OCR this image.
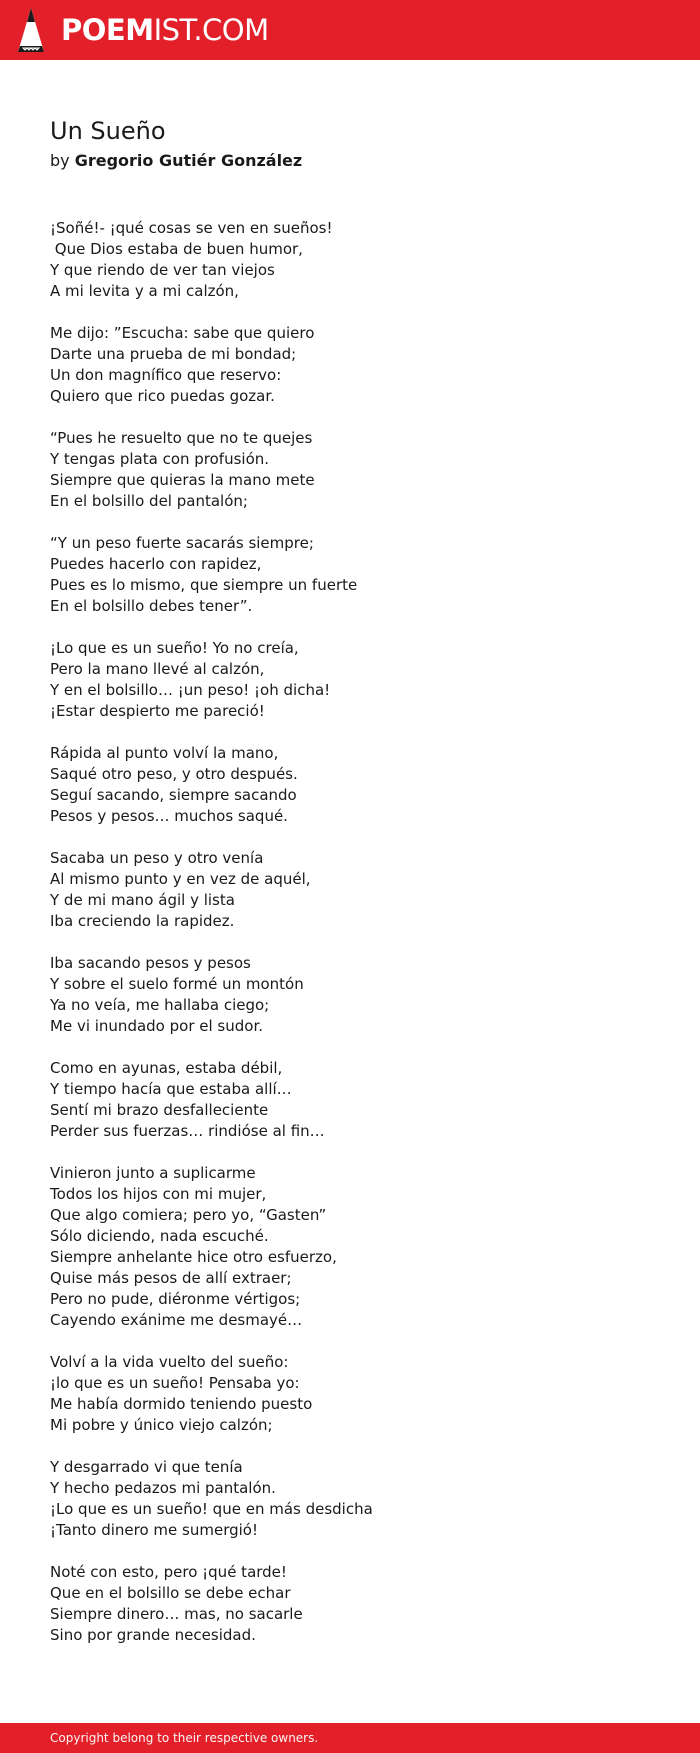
POEMIST.COM
Un Sueño
by Gregorio Gutiér González
¡Soñé!- ¡qué cosas se ven en sueños!
Que Dios estaba de buen humor,
Y que riendo de ver tan viejos
A mi levita y a mi calzón,
Me dijo: ”Escucha: sabe que quiero
Darte una prueba de mi bondad;
Un don magnífico que reservo:
Quiero que rico puedas gozar.
“Pues he resuelto que no te quejes
Y tengas plata con profusión.
Siempre que quieras la mano mete
En el bolsillo del pantalón;
“Y un peso fuerte sacarás siempre;
Puedes hacerlo con rapidez,
Pues es lo mismo, que siempre un fuerte
En el bolsillo debes tener”.
¡Lo que es un sueño! Yo no creía,
Pero la mano llevé al calzón,
Y en el bolsillo… ¡un peso! ¡oh dicha!
¡Estar despierto me pareció!
Rápida al punto volví la mano,
Saqué otro peso, y otro después.
Seguí sacando, siempre sacando
Pesos y pesos… muchos saqué.
Sacaba un peso y otro venía
Al mismo punto y en vez de aquél,
Y de mi mano ágil y lista
Iba creciendo la rapidez.
Iba sacando pesos y pesos
Y sobre el suelo formé un montón
Ya no veía, me hallaba ciego;
Me vi inundado por el sudor.
Como en ayunas, estaba débil,
Y tiempo hacía que estaba allí…
Sentí mi brazo desfalleciente
Perder sus fuerzas… rindióse al fin…
Vinieron junto a suplicarme
Todos los hijos con mi mujer,
Que algo comiera; pero yo, “Gasten”
Sólo diciendo, nada escuché.
Siempre anhelante hice otro esfuerzo,
Quise más pesos de allí extraer;
Pero no pude, diéronme vértigos;
Cayendo exánime me desmayé…
Volví a la vida vuelto del sueño:
¡lo que es un sueño! Pensaba yo:
Me había dormido teniendo puesto
Mi pobre y único viejo calzón;
Y desgarrado vi que tenía
Y hecho pedazos mi pantalón.
¡Lo que es un sueño! que en más desdicha
¡Tanto dinero me sumergió!
Noté con esto, pero ¡qué tarde!
Que en el bolsillo se debe echar
Siempre dinero… mas, no sacarle
Sino por grande necesidad.
Copyright belong to their respective owners.
